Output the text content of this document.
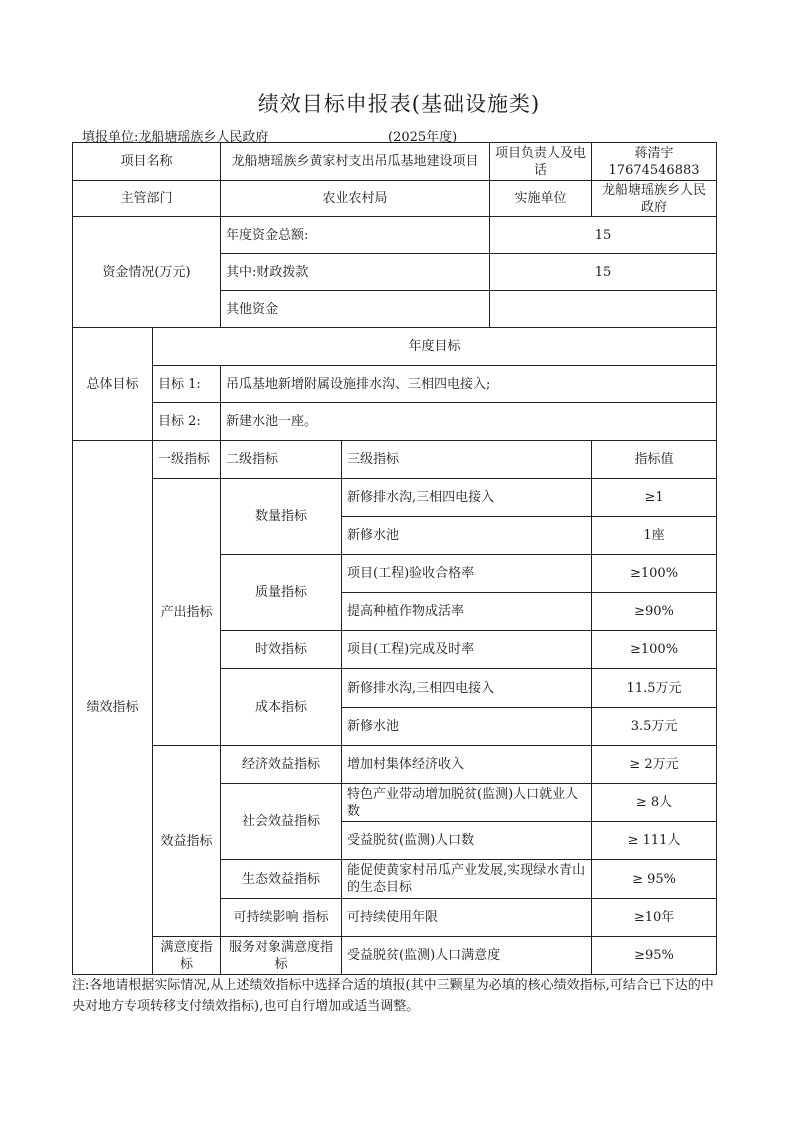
绩效目标申报表(基础设施类)
填报单位:龙船塘瑶族乡人民政府	(2025年度)
项目名称		龙船塘瑶族乡黄家村支出吊瓜基地建设项目		项目负责人及电话	蒋清宇17674546883
主管部门		农业农村局		实施单位	龙船塘瑶族乡人民政府
资金情况(万元)		年度资金总额:		15	
		其中:财政拨款		15	
		其他资金			
总体目标	年度目标				
	目标 1:	吊瓜基地新增附属设施排水沟、三相四电接入;			
	目标 2:	新建水池一座。			
绩效指标	一级指标	二级指标	三级指标		指标值
	产出指标	数量指标	新修排水沟,三相四电接入		≥1
			新修水池		1座
		质量指标	项目(工程)验收合格率		≥100%
			提高种植作物成活率		≥90%
		时效指标	项目(工程)完成及时率		≥100%
		成本指标	新修排水沟,三相四电接入		11.5万元
			新修水池		3.5万元
	效益指标	经济效益指标	增加村集体经济收入		≥ 2万元
		社会效益指标	特色产业带动增加脱贫(监测)人口就业人数		≥ 8人
			受益脱贫(监测)人口数		≥ 111人
		生态效益指标	能促使黄家村吊瓜产业发展,实现绿水青山的生态目标		≥ 95%
		可持续影响 指标	可持续使用年限		≥10年
	满意度指 标	服务对象满意度指标	受益脱贫(监测)人口满意度		≥95%
注:各地请根据实际情况,从上述绩效指标中选择合适的填报(其中三颗星为必填的核心绩效指标,可结合已下达的中央对地方专项转移支付绩效指标),也可自行增加或适当调整。
